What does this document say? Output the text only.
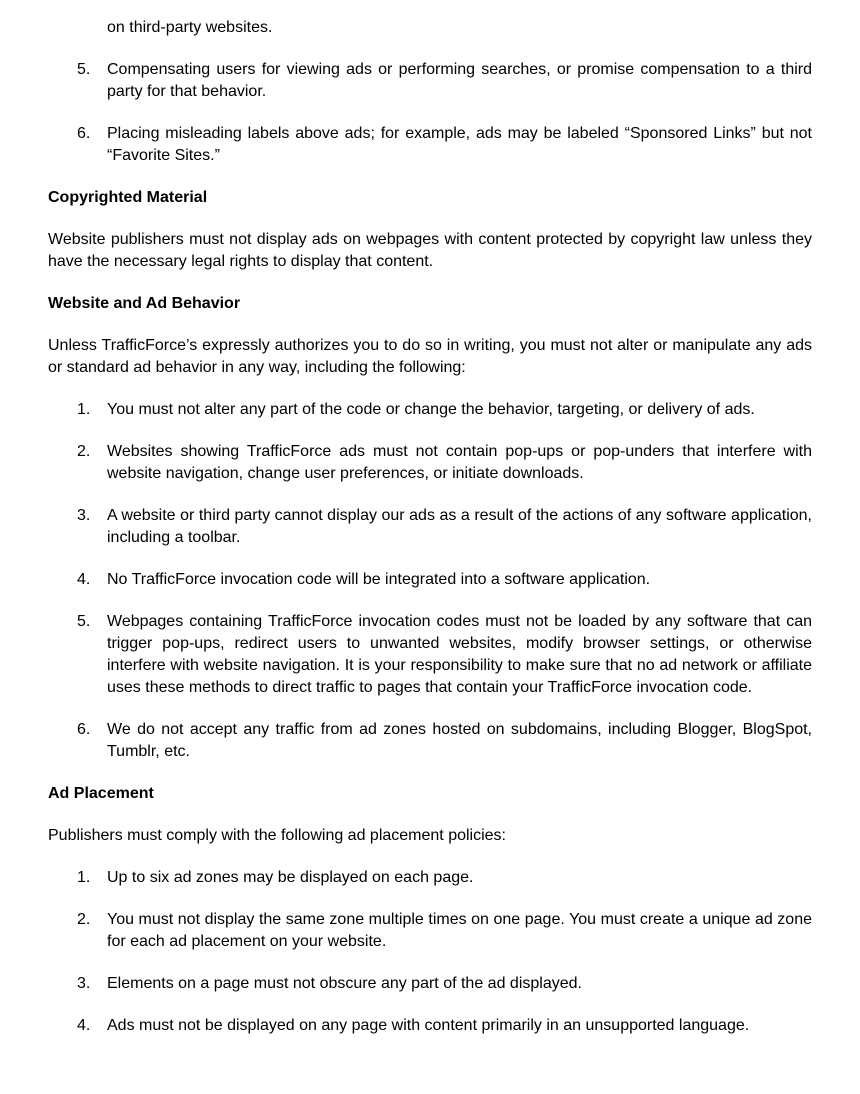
on third-party websites.
5. Compensating users for viewing ads or performing searches, or promise compensation to a third party for that behavior.
6. Placing misleading labels above ads; for example, ads may be labeled “Sponsored Links” but not “Favorite Sites.”
Copyrighted Material

Website publishers must not display ads on webpages with content protected by copyright law unless they have the necessary legal rights to display that content.

Website and Ad Behavior

Unless TrafficForce’s expressly authorizes you to do so in writing, you must not alter or manipulate any ads or standard ad behavior in any way, including the following:

1. You must not alter any part of the code or change the behavior, targeting, or delivery of ads.
2. Websites showing TrafficForce ads must not contain pop-ups or pop-unders that interfere with website navigation, change user preferences, or initiate downloads.
3. A website or third party cannot display our ads as a result of the actions of any software application, including a toolbar.
4. No TrafficForce invocation code will be integrated into a software application.
5. Webpages containing TrafficForce invocation codes must not be loaded by any software that can trigger pop-ups, redirect users to unwanted websites, modify browser settings, or otherwise interfere with website navigation. It is your responsibility to make sure that no ad network or affiliate uses these methods to direct traffic to pages that contain your TrafficForce invocation code.
6. We do not accept any traffic from ad zones hosted on subdomains, including Blogger, BlogSpot, Tumblr, etc.
Ad Placement

Publishers must comply with the following ad placement policies:

1. Up to six ad zones may be displayed on each page.
2. You must not display the same zone multiple times on one page. You must create a unique ad zone for each ad placement on your website.
3. Elements on a page must not obscure any part of the ad displayed.
4. Ads must not be displayed on any page with content primarily in an unsupported language.
